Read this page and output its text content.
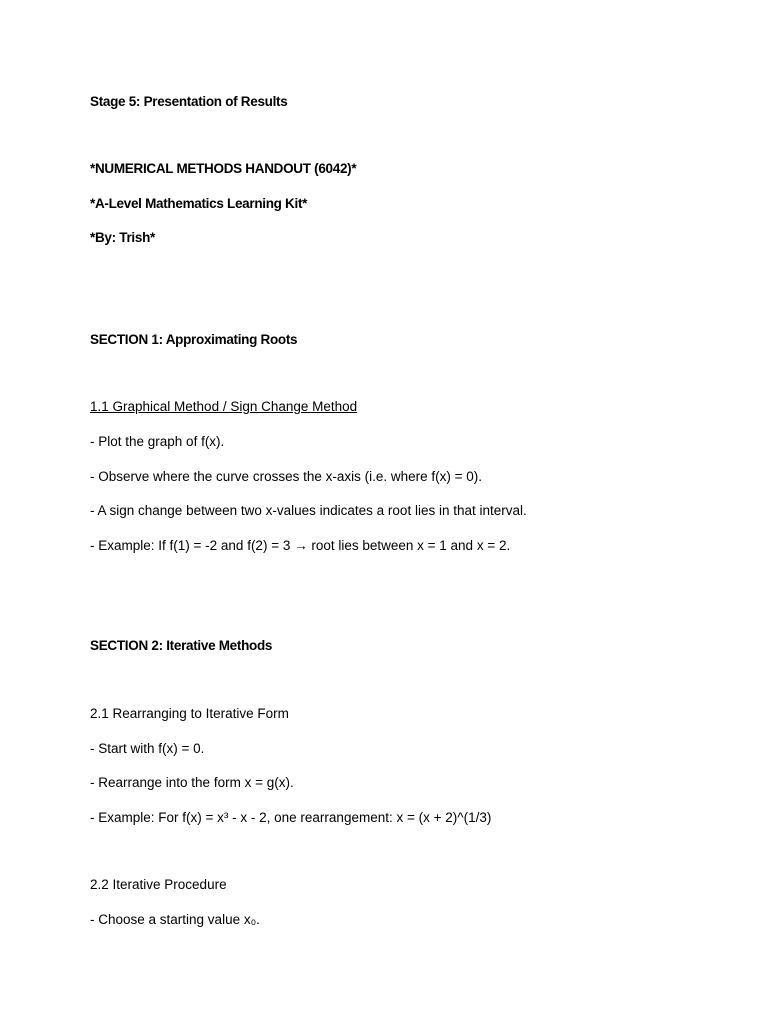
Stage 5: Presentation of Results
*NUMERICAL METHODS HANDOUT (6042)*
*A-Level Mathematics Learning Kit*
*By: Trish*
SECTION 1: Approximating Roots
1.1 Graphical Method / Sign Change Method
- Plot the graph of f(x).
- Observe where the curve crosses the x-axis (i.e. where f(x) = 0).
- A sign change between two x-values indicates a root lies in that interval.
- Example: If f(1) = -2 and f(2) = 3 → root lies between x = 1 and x = 2.
SECTION 2: Iterative Methods
2.1 Rearranging to Iterative Form
- Start with f(x) = 0.
- Rearrange into the form x = g(x).
- Example: For f(x) = x³ - x - 2, one rearrangement: x = (x + 2)^(1/3)
2.2 Iterative Procedure
- Choose a starting value x₀.
